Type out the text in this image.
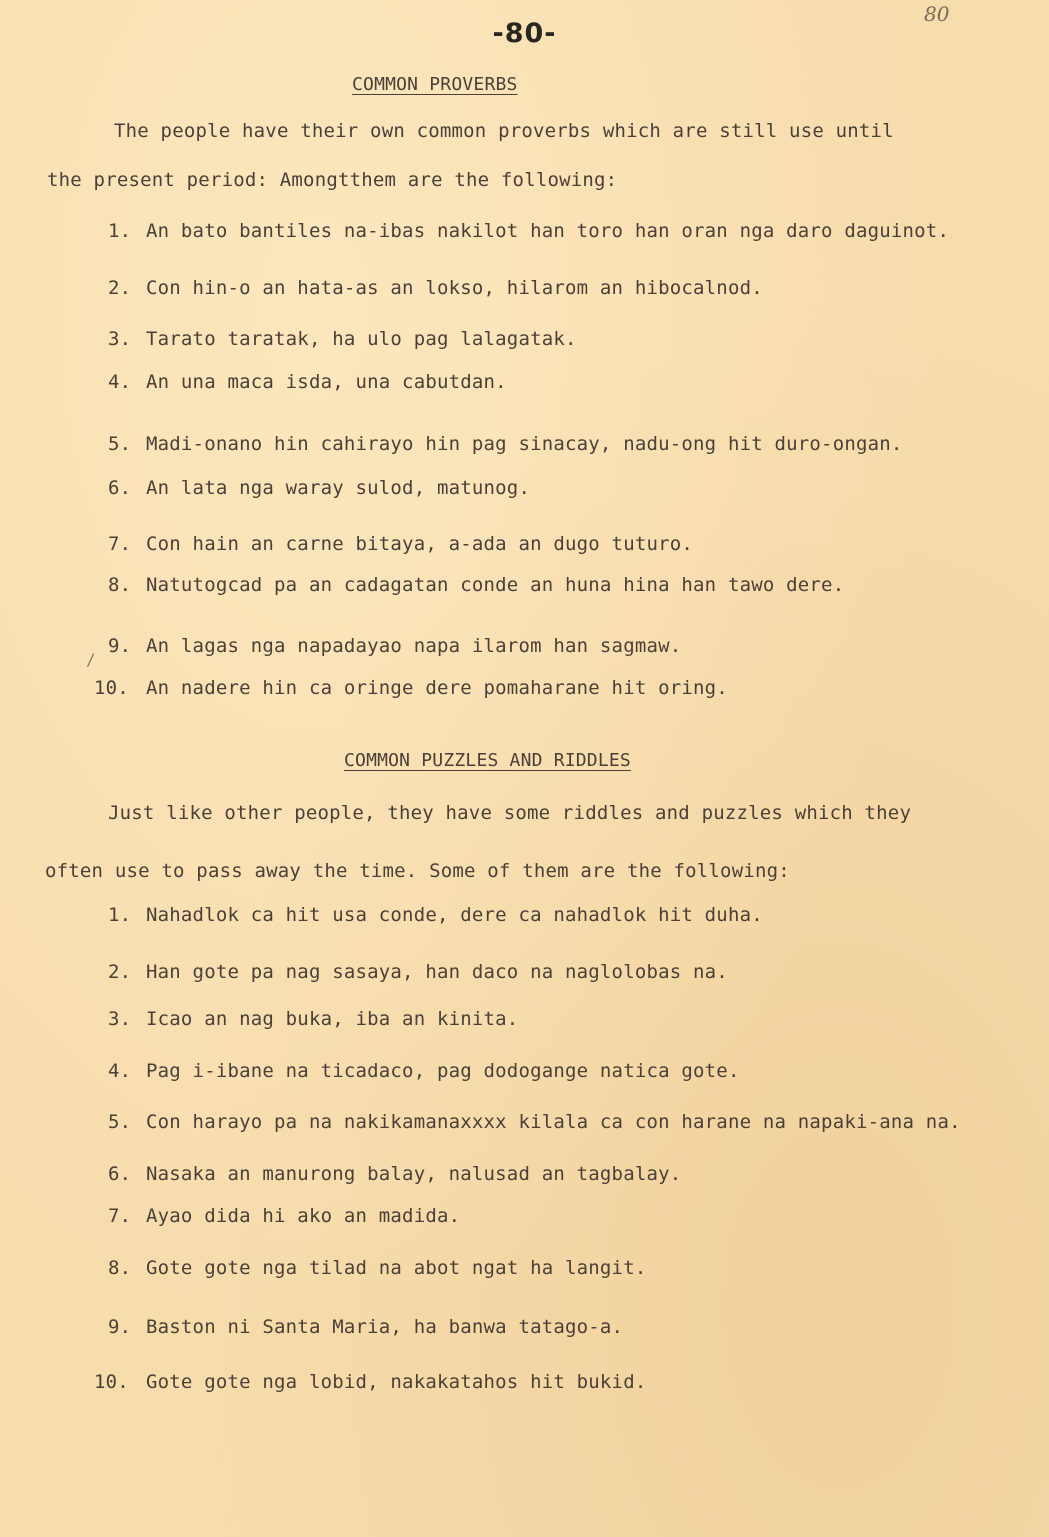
-80-
80
COMMON PROVERBS
The people have their own common proverbs which are still use until
the present period: Amongtthem are the following:
1. An bato bantiles na-ibas nakilot han toro han oran nga daro daguinot.
2. Con hin-o an hata-as an lokso, hilarom an hibocalnod.
3. Tarato taratak, ha ulo pag lalagatak.
4. An una maca isda, una cabutdan.
5. Madi-onano hin cahirayo hin pag sinacay, nadu-ong hit duro-ongan.
6. An lata nga waray sulod, matunog.
7. Con hain an carne bitaya, a-ada an dugo tuturo.
8. Natutogcad pa an cadagatan conde an huna hina han tawo dere.
/
9. An lagas nga napadayao napa ilarom han sagmaw.
10. An nadere hin ca oringe dere pomaharane hit oring.
COMMON PUZZLES AND RIDDLES
Just like other people, they have some riddles and puzzles which they
often use to pass away the time. Some of them are the following:
1. Nahadlok ca hit usa conde, dere ca nahadlok hit duha.
2. Han gote pa nag sasaya, han daco na naglolobas na.
3. Icao an nag buka, iba an kinita.
4. Pag i-ibane na ticadaco, pag dodogange natica gote.
5. Con harayo pa na nakikamanaxxxx kilala ca con harane na napaki-ana na.
6. Nasaka an manurong balay, nalusad an tagbalay.
7. Ayao dida hi ako an madida.
8. Gote gote nga tilad na abot ngat ha langit.
9. Baston ni Santa Maria, ha banwa tatago-a.
10. Gote gote nga lobid, nakakatahos hit bukid.
